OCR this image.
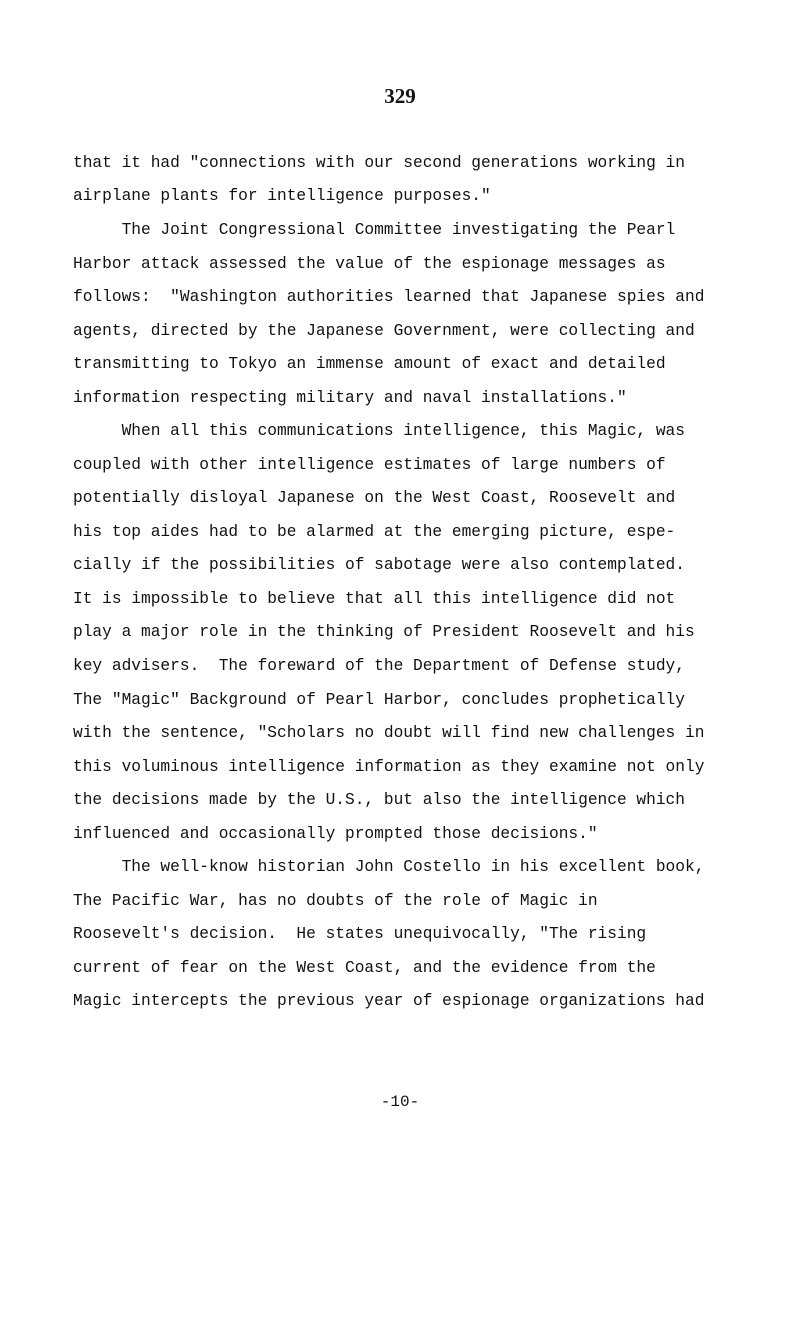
329
that it had "connections with our second generations working in
airplane plants for intelligence purposes."
The Joint Congressional Committee investigating the Pearl
Harbor attack assessed the value of the espionage messages as
follows:  "Washington authorities learned that Japanese spies and
agents, directed by the Japanese Government, were collecting and
transmitting to Tokyo an immense amount of exact and detailed
information respecting military and naval installations."
When all this communications intelligence, this Magic, was
coupled with other intelligence estimates of large numbers of
potentially disloyal Japanese on the West Coast, Roosevelt and
his top aides had to be alarmed at the emerging picture, espe-
cially if the possibilities of sabotage were also contemplated.
It is impossible to believe that all this intelligence did not
play a major role in the thinking of President Roosevelt and his
key advisers.  The foreward of the Department of Defense study,
The "Magic" Background of Pearl Harbor, concludes prophetically
with the sentence, "Scholars no doubt will find new challenges in
this voluminous intelligence information as they examine not only
the decisions made by the U.S., but also the intelligence which
influenced and occasionally prompted those decisions."
The well-know historian John Costello in his excellent book,
The Pacific War, has no doubts of the role of Magic in
Roosevelt's decision.  He states unequivocally, "The rising
current of fear on the West Coast, and the evidence from the
Magic intercepts the previous year of espionage organizations had
-10-
